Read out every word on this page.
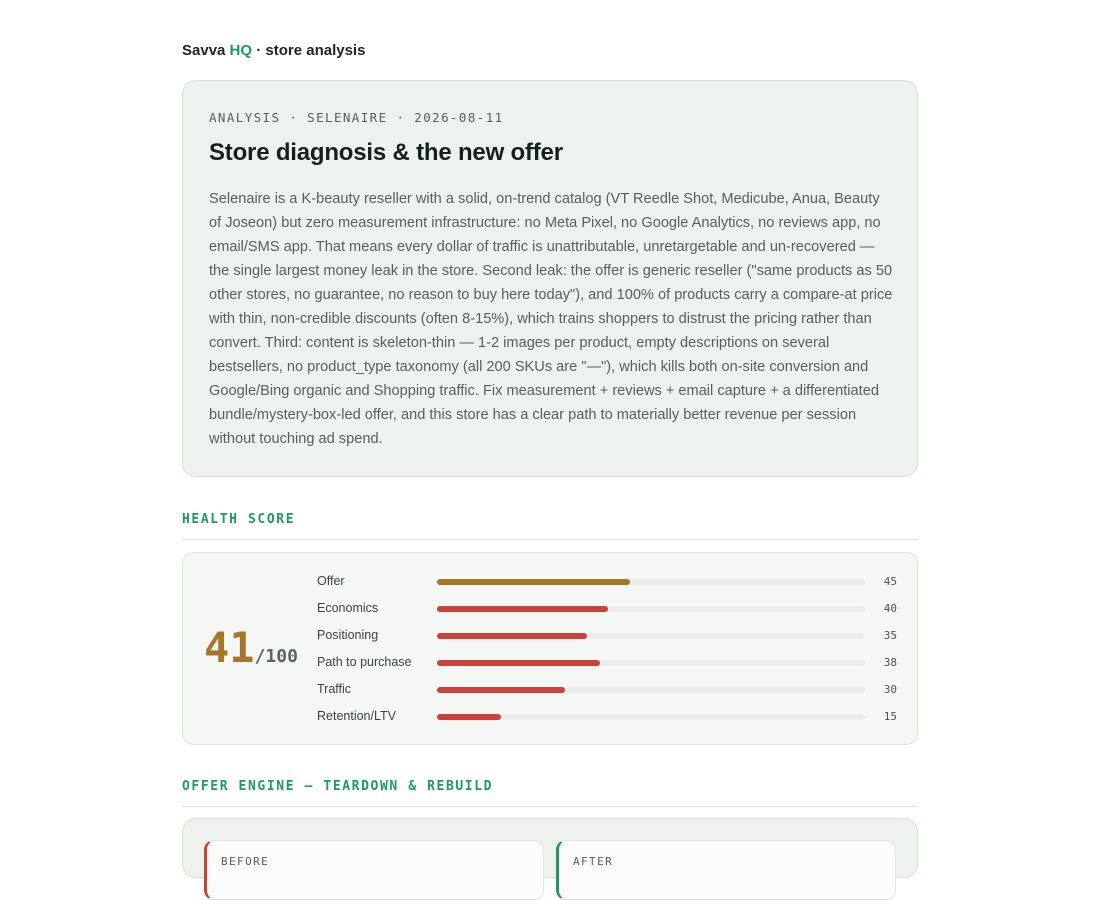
Savva HQ · store analysis
ANALYSIS · SELENAIRE · 2026-08-11
Store diagnosis & the new offer

Selenaire is a K-beauty reseller with a solid, on-trend catalog (VT Reedle Shot, Medicube, Anua, Beauty of Joseon) but zero measurement infrastructure: no Meta Pixel, no Google Analytics, no reviews app, no email/SMS app. That means every dollar of traffic is unattributable, unretargetable and un-recovered — the single largest money leak in the store. Second leak: the offer is generic reseller ("same products as 50 other stores, no guarantee, no reason to buy here today"), and 100% of products carry a compare-at price with thin, non-credible discounts (often 8-15%), which trains shoppers to distrust the pricing rather than convert. Third: content is skeleton-thin — 1-2 images per product, empty descriptions on several bestsellers, no product_type taxonomy (all 200 SKUs are "—"), which kills both on-site conversion and Google/Bing organic and Shopping traffic. Fix measurement + reviews + email capture + a differentiated bundle/mystery-box-led offer, and this store has a clear path to materially better revenue per session without touching ad spend.

HEALTH SCORE
41/100
Offer	45
Economics	40
Positioning	35
Path to purchase	38
Traffic	30
Retention/LTV	15
OFFER ENGINE — TEARDOWN & REBUILD
BEFORE	AFTER
